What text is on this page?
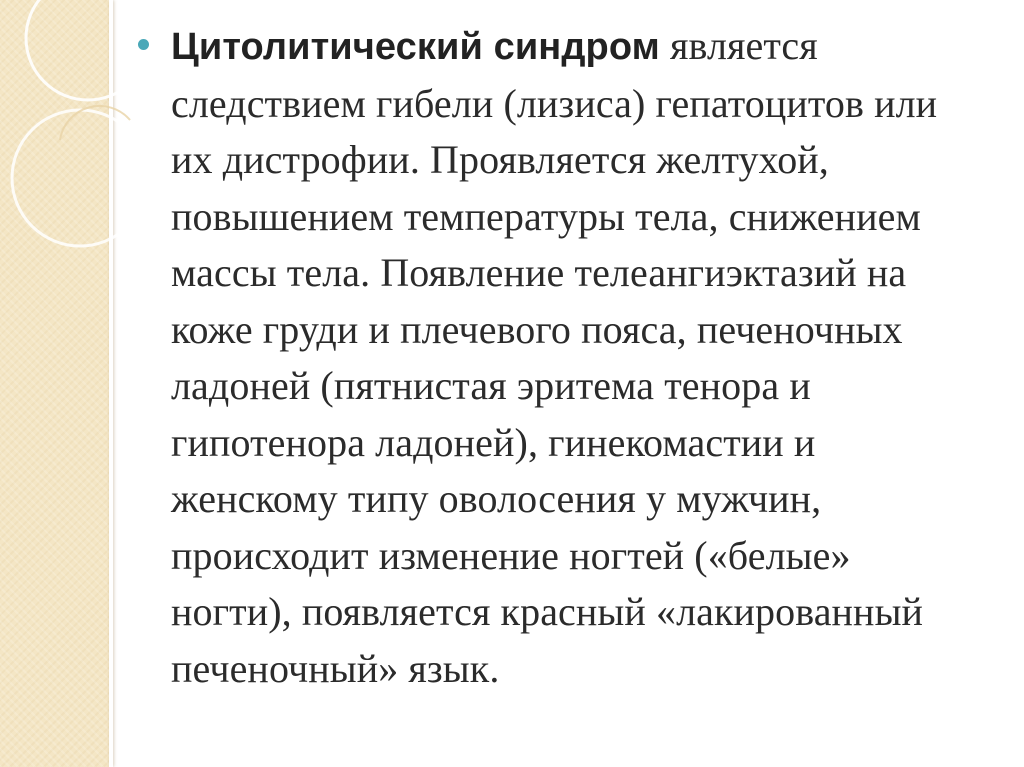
Цитолитический синдром является следствием гибели (лизиса) гепатоцитов или их дистрофии. Проявляется желтухой, повышением температуры тела, снижением массы тела. Появление телеангиэктазий на коже груди и плечевого пояса, печеночных ладоней (пятнистая эритема тенора и гипотенора ладоней), гинекомастии и женскому типу оволосения у мужчин, происходит изменение ногтей («белые» ногти), появляется красный «лакированный печеночный» язык.
